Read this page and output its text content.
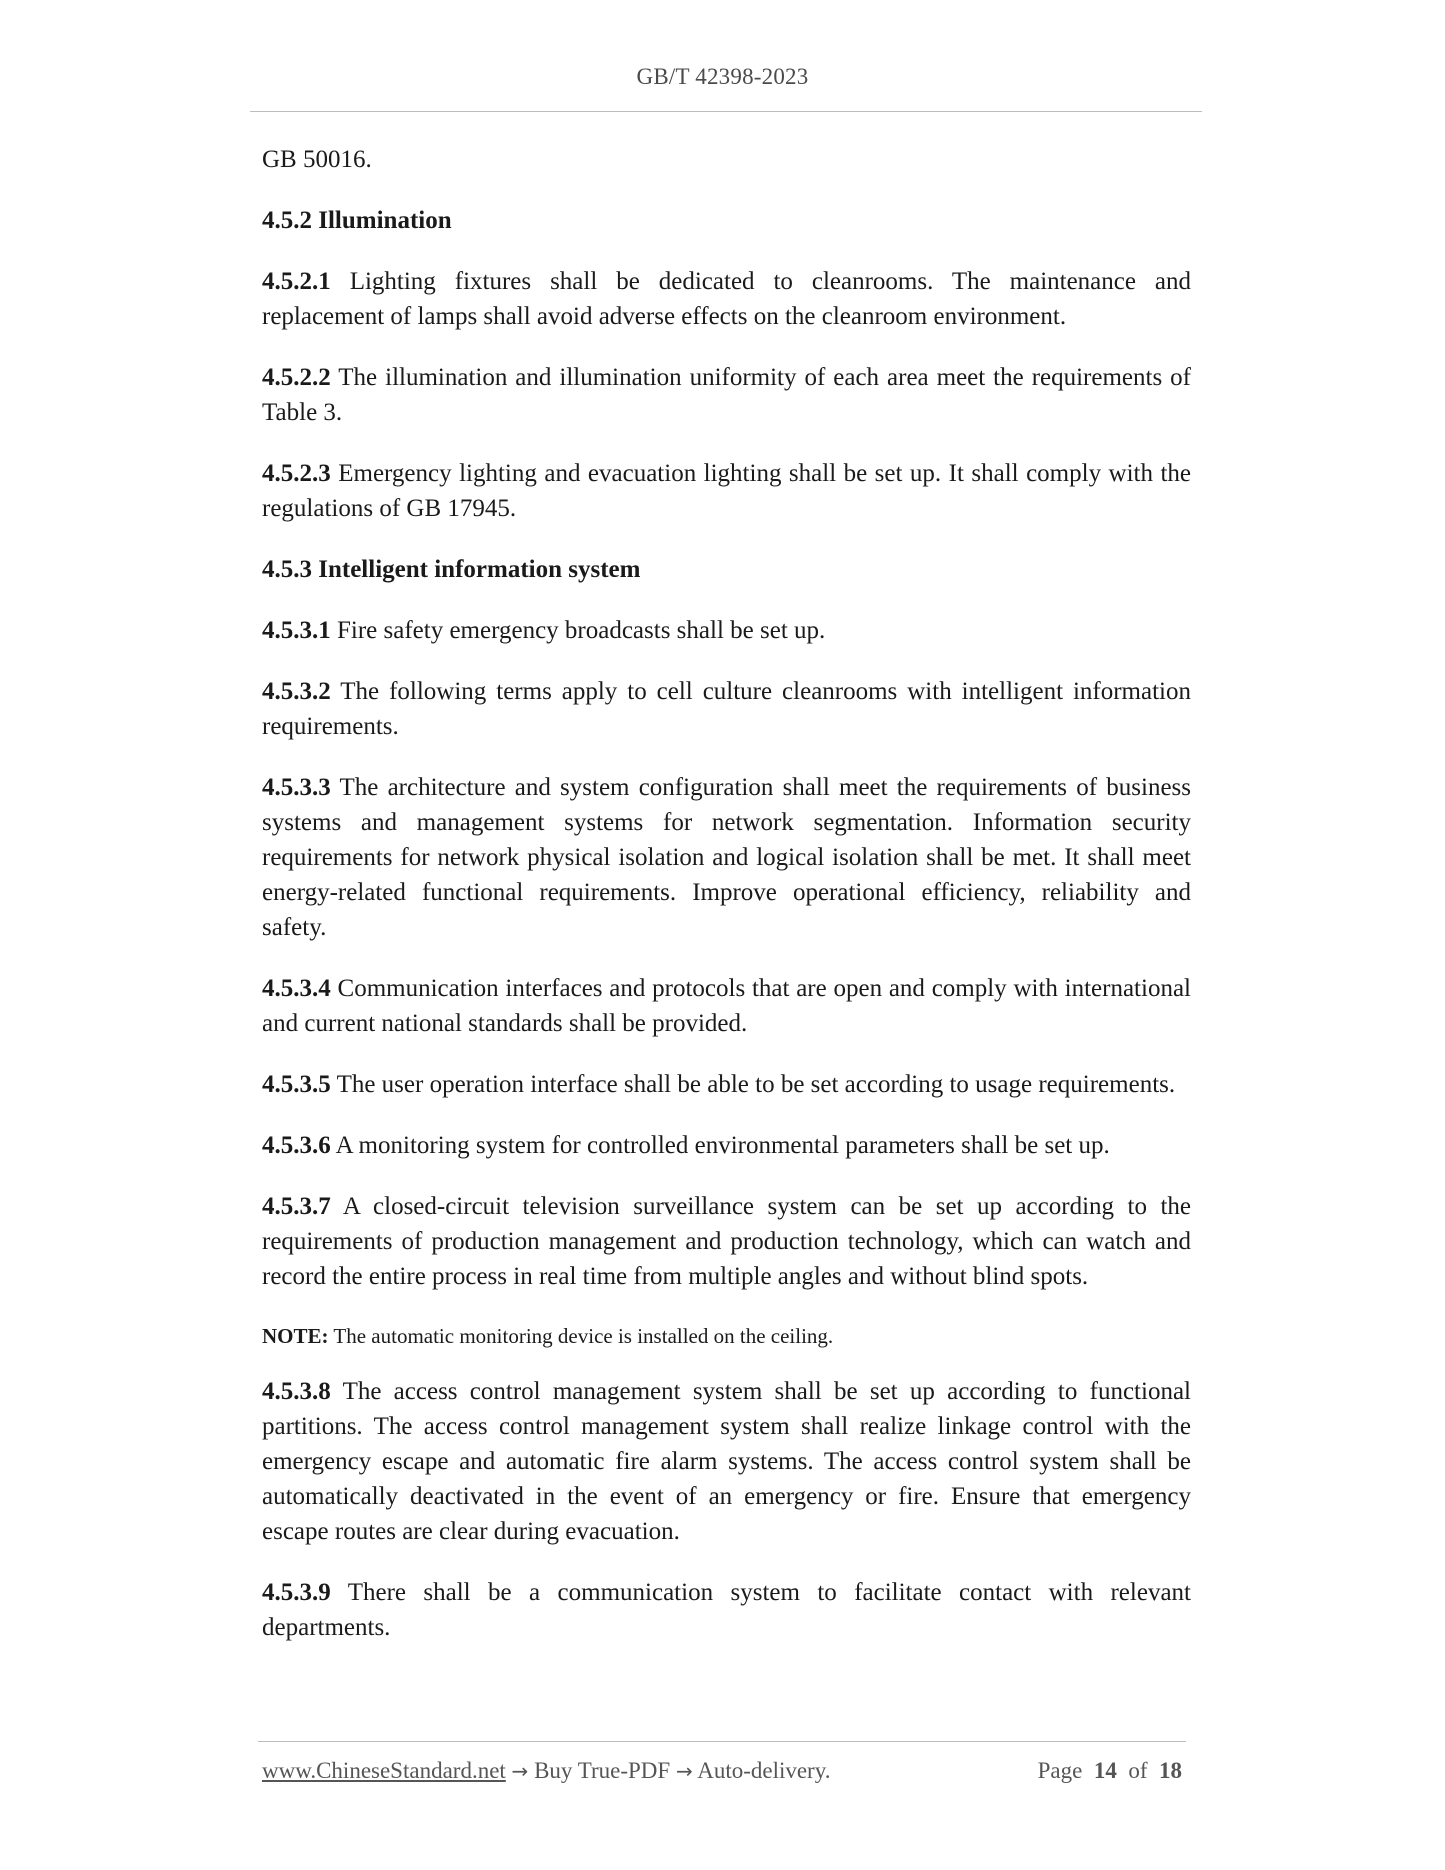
GB/T 42398-2023

GB 50016.

4.5.2 Illumination

4.5.2.1 Lighting fixtures shall be dedicated to cleanrooms. The maintenance and replacement of lamps shall avoid adverse effects on the cleanroom environment.

4.5.2.2 The illumination and illumination uniformity of each area meet the requirements of Table 3.

4.5.2.3 Emergency lighting and evacuation lighting shall be set up. It shall comply with the regulations of GB 17945.

4.5.3 Intelligent information system

4.5.3.1 Fire safety emergency broadcasts shall be set up.

4.5.3.2 The following terms apply to cell culture cleanrooms with intelligent information requirements.

4.5.3.3 The architecture and system configuration shall meet the requirements of business systems and management systems for network segmentation. Information security requirements for network physical isolation and logical isolation shall be met. It shall meet energy-related functional requirements. Improve operational efficiency, reliability and safety.

4.5.3.4 Communication interfaces and protocols that are open and comply with international and current national standards shall be provided.

4.5.3.5 The user operation interface shall be able to be set according to usage requirements.

4.5.3.6 A monitoring system for controlled environmental parameters shall be set up.

4.5.3.7 A closed-circuit television surveillance system can be set up according to the requirements of production management and production technology, which can watch and record the entire process in real time from multiple angles and without blind spots.

NOTE: The automatic monitoring device is installed on the ceiling.

4.5.3.8 The access control management system shall be set up according to functional partitions. The access control management system shall realize linkage control with the emergency escape and automatic fire alarm systems. The access control system shall be automatically deactivated in the event of an emergency or fire. Ensure that emergency escape routes are clear during evacuation.

4.5.3.9 There shall be a communication system to facilitate contact with relevant departments.

www.ChineseStandard.net → Buy True-PDF → Auto-delivery.	Page 14 of 18
